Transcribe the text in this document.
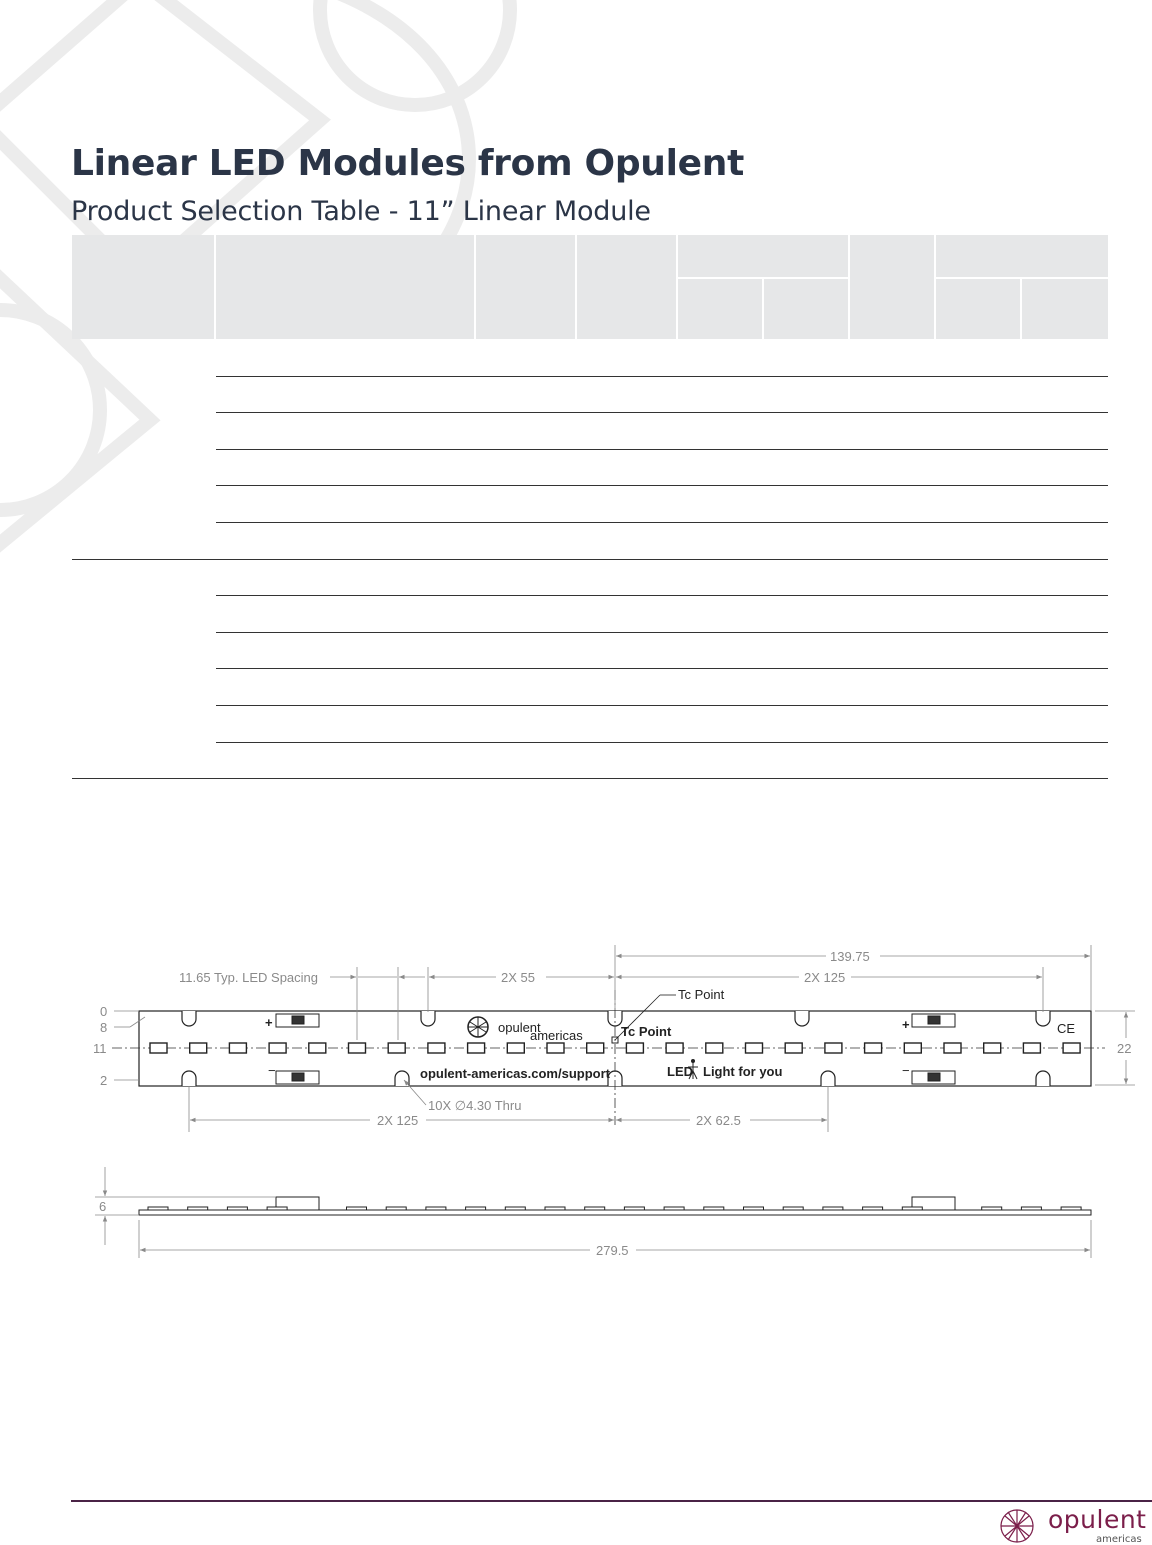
Linear LED Modules from Opulent
Product Selection Table - 11” Linear Module
+	+
−	−
opulent
americas
opulent-americas.com/support	LED Light for you
CE
Tc Point
Tc Point
11.65 Typ. LED Spacing	2X 55
139.75
2X 125
0
8
11
2
22
10X ∅4.30 Thru
2X 125	2X 62.5
6
279.5
opulent
americas
